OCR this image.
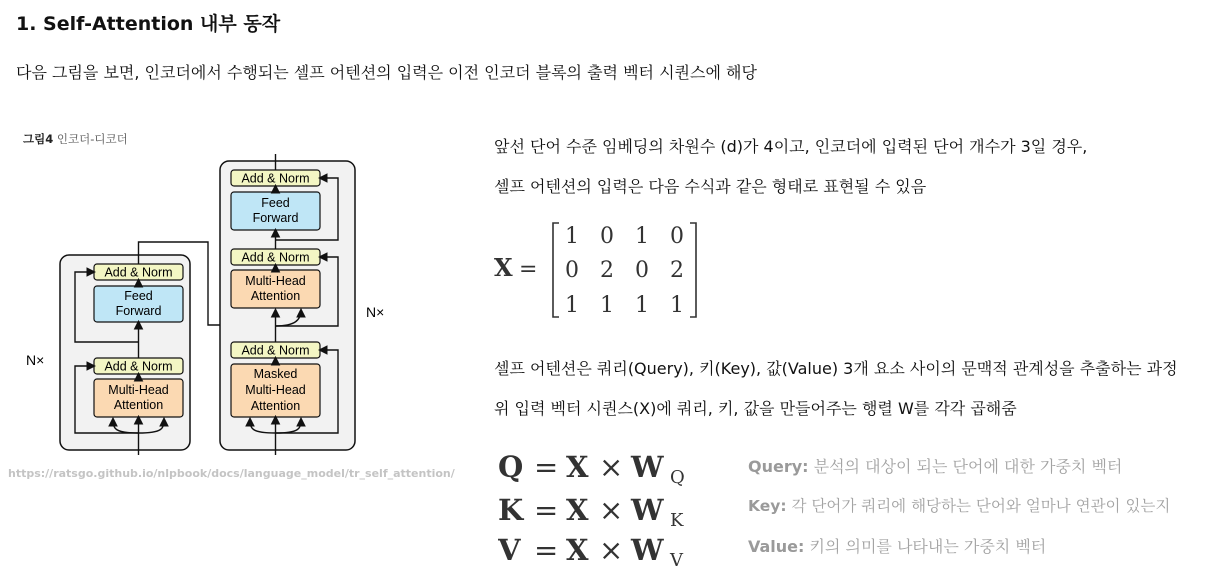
1. Self-Attention 내부 동작
다음 그림을 보면, 인코더에서 수행되는 셀프 어텐션의 입력은 이전 인코더 블록의 출력 벡터 시퀀스에 해당
그림4 인코더-디코더
Add & Norm
Feed
Forward
Add & Norm
Multi-Head
Attention
N×
Add & Norm
Feed
Forward
Add & Norm
Multi-Head
Attention
Add & Norm
Masked
Multi-Head
Attention
N×
https://ratsgo.github.io/nlpbook/docs/language_model/tr_self_attention/
앞선 단어 수준 임베딩의 차원수 (d)가 4이고, 인코더에 입력된 단어 개수가 3일 경우,
셀프 어텐션의 입력은 다음 수식과 같은 형태로 표현될 수 있음
X =
1 0 1 0
0 2 0 2
1 1 1 1
셀프 어텐션은 쿼리(Query), 키(Key), 값(Value) 3개 요소 사이의 문맥적 관계성을 추출하는 과정
위 입력 벡터 시퀀스(X)에 쿼리, 키, 값을 만들어주는 행렬 W를 각각 곱해줌
Q = X × W Q
K = X × W K
V = X × W V
Query: 분석의 대상이 되는 단어에 대한 가중치 벡터
Key: 각 단어가 쿼리에 해당하는 단어와 얼마나 연관이 있는지
Value: 키의 의미를 나타내는 가중치 벡터
